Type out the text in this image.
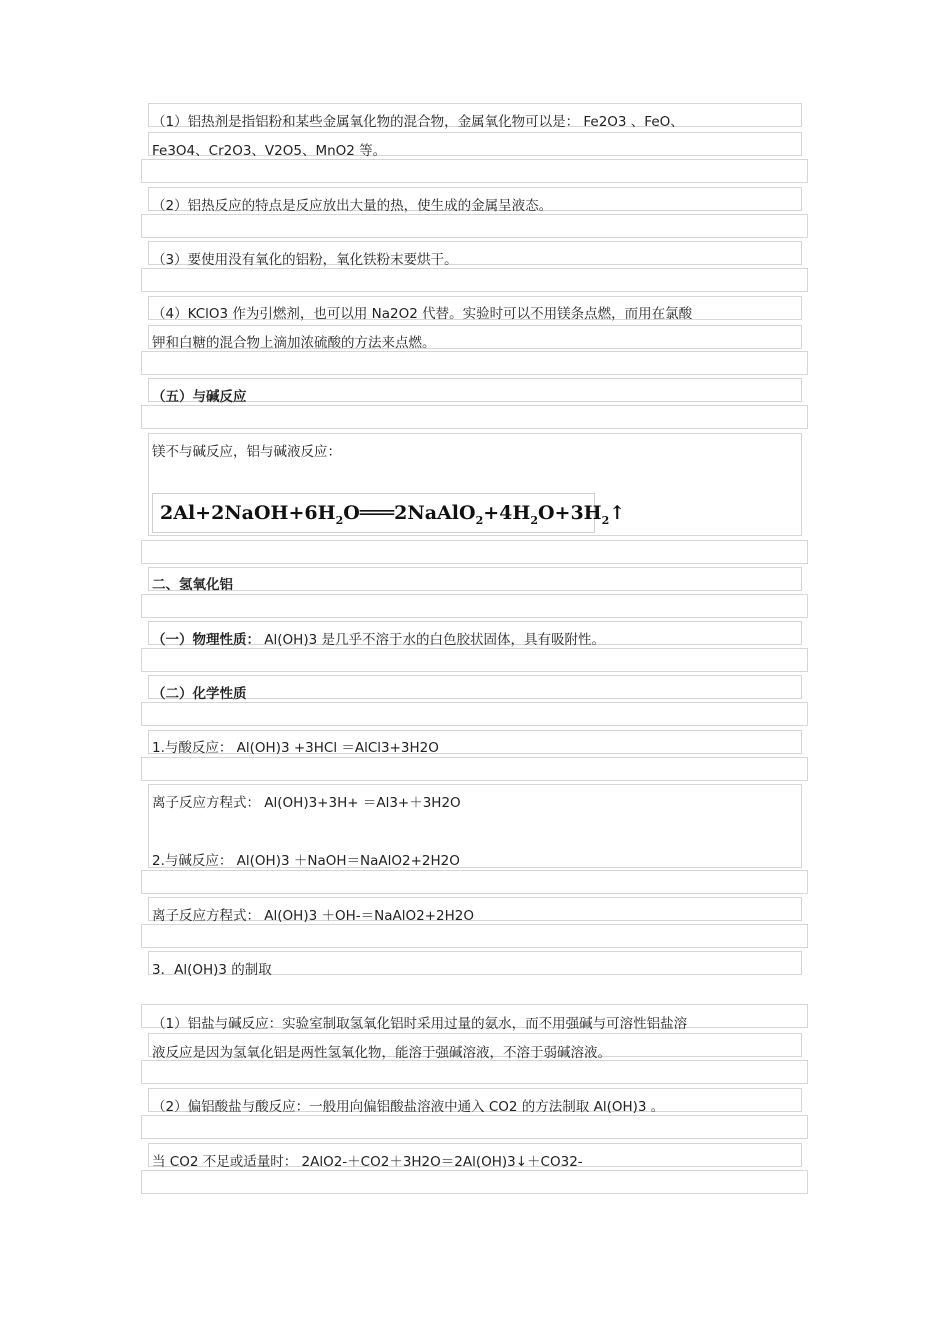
（1）铝热剂是指铝粉和某些金属氧化物的混合物，金属氧化物可以是： Fe2O3 、FeO、
Fe3O4、Cr2O3、V2O5、MnO2 等。
（2）铝热反应的特点是反应放出大量的热，使生成的金属呈液态。
（3）要使用没有氧化的铝粉，氧化铁粉末要烘干。
（4）KClO3 作为引燃剂，也可以用 Na2O2 代替。实验时可以不用镁条点燃，而用在氯酸
钾和白糖的混合物上滴加浓硫酸的方法来点燃。
（五）与碱反应
镁不与碱反应，铝与碱液反应：
$2Al+2NaOH+6H_2O═══2NaAlO_2+4H_2O+3H_2↑$
二、氢氧化铝
（一）物理性质： Al(OH)3 是几乎不溶于水的白色胶状固体，具有吸附性。
（二）化学性质
1.与酸反应： Al(OH)3 +3HCl ＝AlCl3+3H2O
离子反应方程式： Al(OH)3+3H+ ＝Al3+＋3H2O
2.与碱反应： Al(OH)3 ＋NaOH＝NaAlO2+2H2O
离子反应方程式： Al(OH)3 ＋OH-＝NaAlO2+2H2O
3．Al(OH)3 的制取
（1）铝盐与碱反应：实验室制取氢氧化铝时采用过量的氨水，而不用强碱与可溶性铝盐溶
液反应是因为氢氧化铝是两性氢氧化物，能溶于强碱溶液，不溶于弱碱溶液。
（2）偏铝酸盐与酸反应：一般用向偏铝酸盐溶液中通入 CO2 的方法制取 Al(OH)3 。
当 CO2 不足或适量时： 2AlO2-＋CO2＋3H2O＝2Al(OH)3↓＋CO32-
